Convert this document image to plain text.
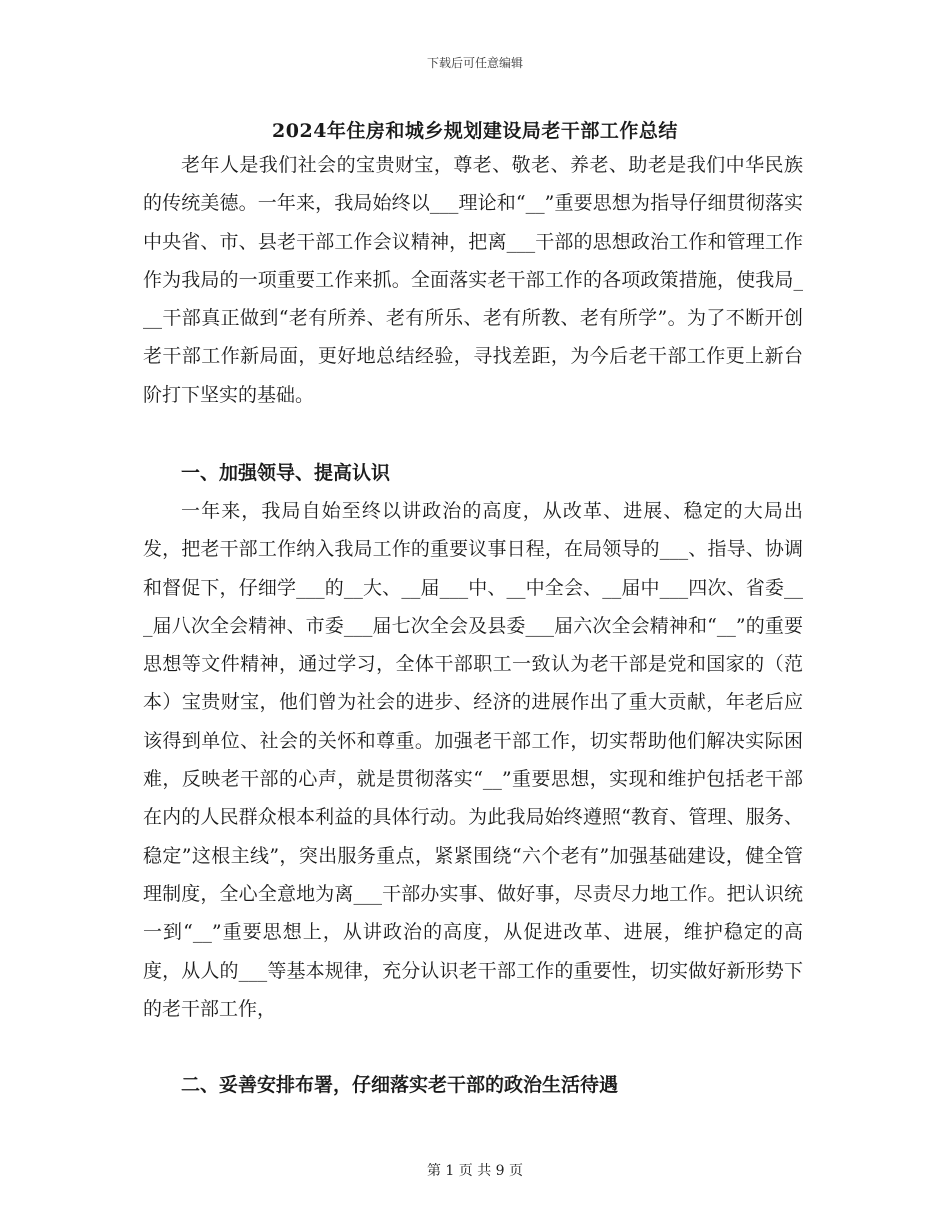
下载后可任意编辑
2024年住房和城乡规划建设局老干部工作总结

老年人是我们社会的宝贵财宝，尊老、敬老、养老、助老是我们中华民族的传统美德。一年来，我局始终以___理论和“__”重要思想为指导仔细贯彻落实中央省、市、县老干部工作会议精神，把离___干部的思想政治工作和管理工作作为我局的一项重要工作来抓。全面落实老干部工作的各项政策措施，使我局___干部真正做到“老有所养、老有所乐、老有所教、老有所学”。为了不断开创老干部工作新局面，更好地总结经验，寻找差距，为今后老干部工作更上新台阶打下坚实的基础。

一、加强领导、提高认识

一年来，我局自始至终以讲政治的高度，从改革、进展、稳定的大局出发，把老干部工作纳入我局工作的重要议事日程，在局领导的___、指导、协调和督促下，仔细学___的__大、__届___中、__中全会、__届中___四次、省委___届八次全会精神、市委___届七次全会及县委___届六次全会精神和“__”的重要思想等文件精神，通过学习，全体干部职工一致认为老干部是党和国家的（范本）宝贵财宝，他们曾为社会的进步、经济的进展作出了重大贡献，年老后应该得到单位、社会的关怀和尊重。加强老干部工作，切实帮助他们解决实际困难，反映老干部的心声，就是贯彻落实“__”重要思想，实现和维护包括老干部在内的人民群众根本利益的具体行动。为此我局始终遵照“教育、管理、服务、稳定”这根主线”，突出服务重点，紧紧围绕“六个老有”加强基础建设，健全管理制度，全心全意地为离___干部办实事、做好事，尽责尽力地工作。把认识统一到“__”重要思想上，从讲政治的高度，从促进改革、进展，维护稳定的高度，从人的___等基本规律，充分认识老干部工作的重要性，切实做好新形势下的老干部工作，

二、妥善安排布署，仔细落实老干部的政治生活待遇

第 1 页 共 9 页
